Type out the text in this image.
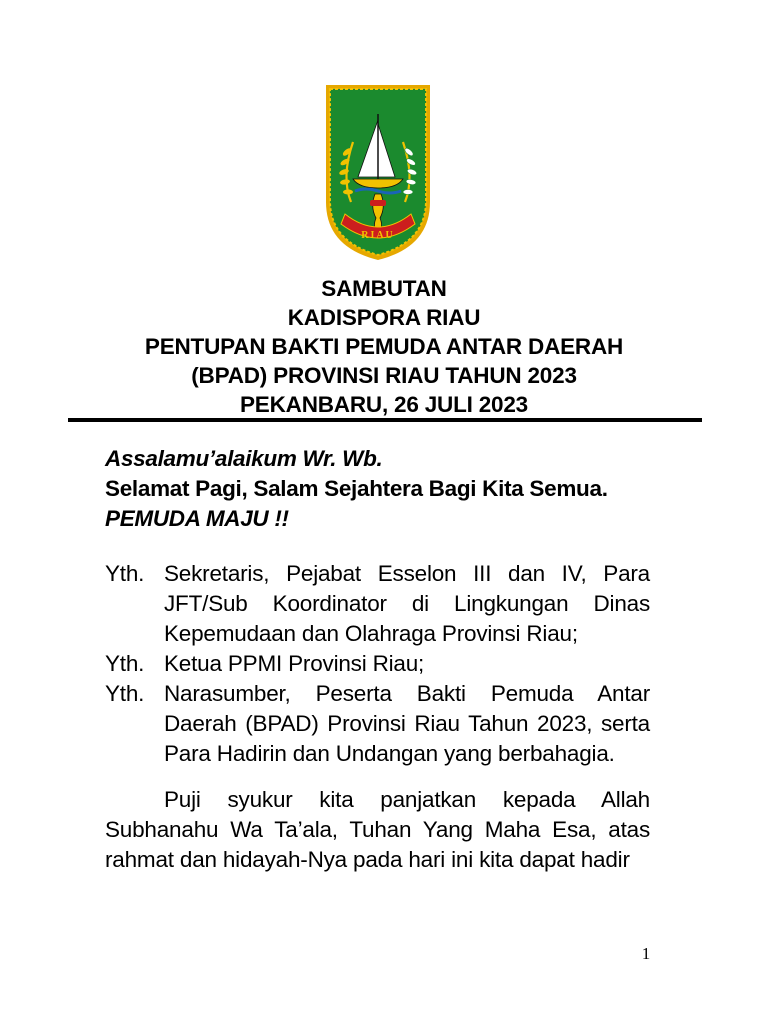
RIAU
SAMBUTAN
KADISPORA RIAU
PENTUPAN BAKTI PEMUDA ANTAR DAERAH
(BPAD) PROVINSI RIAU TAHUN 2023
PEKANBARU, 26 JULI 2023
Assalamu’alaikum Wr. Wb.
Selamat Pagi, Salam Sejahtera Bagi Kita Semua.
PEMUDA MAJU !!
Yth. Sekretaris, Pejabat Esselon III dan IV, Para JFT/Sub Koordinator di Lingkungan Dinas Kepemudaan dan Olahraga Provinsi Riau;
Yth. Ketua PPMI Provinsi Riau;
Yth. Narasumber, Peserta Bakti Pemuda Antar Daerah (BPAD) Provinsi Riau Tahun 2023, serta Para Hadirin dan Undangan yang berbahagia.

Puji syukur kita panjatkan kepada Allah Subhanahu Wa Ta’ala, Tuhan Yang Maha Esa, atas rahmat dan hidayah-Nya pada hari ini kita dapat hadir

1
